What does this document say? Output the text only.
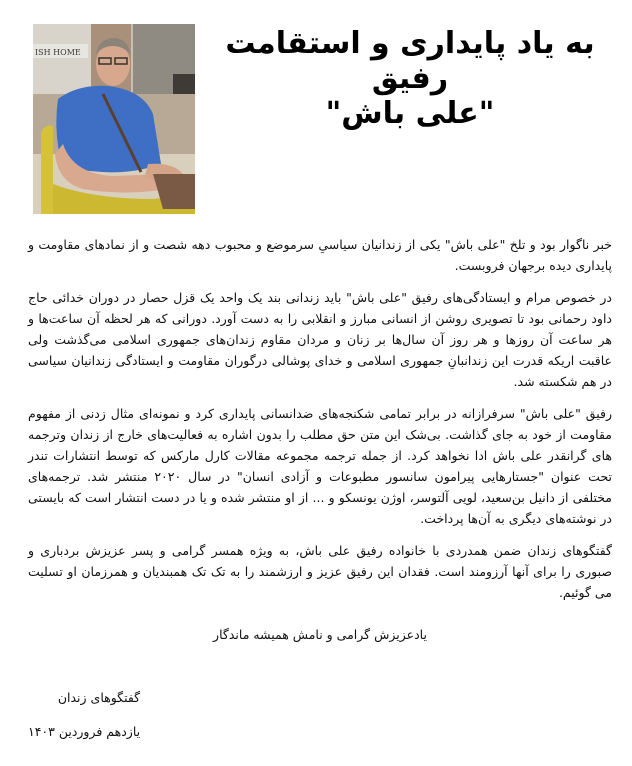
ISH HOME	به یاد پایداری و استقامت
رفیق
"علی باش"

خبر ناگوار بود و تلخ "علی باش" یکی از زندانیان سیاسیِ سرموضع و محبوب دهه شصت و از نمادهای مقاومت و پایداری دیده برجهان فروبست.

در خصوص مرام و ایستادگی‌های رفیق "علی باش" باید زندانی بند یک واحد یک قزل حصار در دوران خدائی حاج داود رحمانی بود تا تصویری روشن از انسانی مبارز و انقلابی را به دست آورد. دورانی که هر لحظه آن ساعت‌ها و هر ساعت آن روزها و هر روز آن سال‌ها بر زنان و مردان مقاوم زندان‌های جمهوری اسلامی می‌گذشت ولی عاقبت اریکه قدرت این زندانبانِ جمهوری اسلامی و خدای پوشالی درگوران مقاومت و ایستادگی زندانیان سیاسی در هم شکسته شد.

رفیق "علی باش" سرفرازانه در برابر تمامی شکنجه‌های ضدانسانی پایداری کرد و نمونه‌ای مثال زدنی از مفهوم مقاومت از خود به جای گذاشت. بی‌شک این متن حق مطلب را بدون اشاره به فعالیت‌های خارج از زندان وترجمه های گرانقدر علی باش ادا نخواهد کرد. از جمله ترجمه مجموعه مقالات کارل مارکس که توسط انتشارات تندر تحت عنوان "جستارهایی پیرامون سانسور مطبوعات و آزادی انسان" در سال ۲۰۲۰ منتشر شد. ترجمه‌های مختلفی از دانیل بن‌سعید، لویی آلتوسر، اوژن یونسکو و ... از او منتشر شده و یا در دست انتشار است که بایستی در نوشته‌های دیگری به آن‌ها پرداخت.

گفتگوهای زندان ضمن همدردی با خانواده رفیق علی باش، به ویژه همسر گرامی و پسر عزیزش بردباری و صبوری را برای آنها آرزومند است. فقدان این رفیق عزیز و ارزشمند را به تک تک همبندیان و همرزمان او تسلیت می گوئیم.

یادعزیزش گرامی و نامش همیشه ماندگار
گفتگوهای زندان
یازدهم فروردین ۱۴۰۳
